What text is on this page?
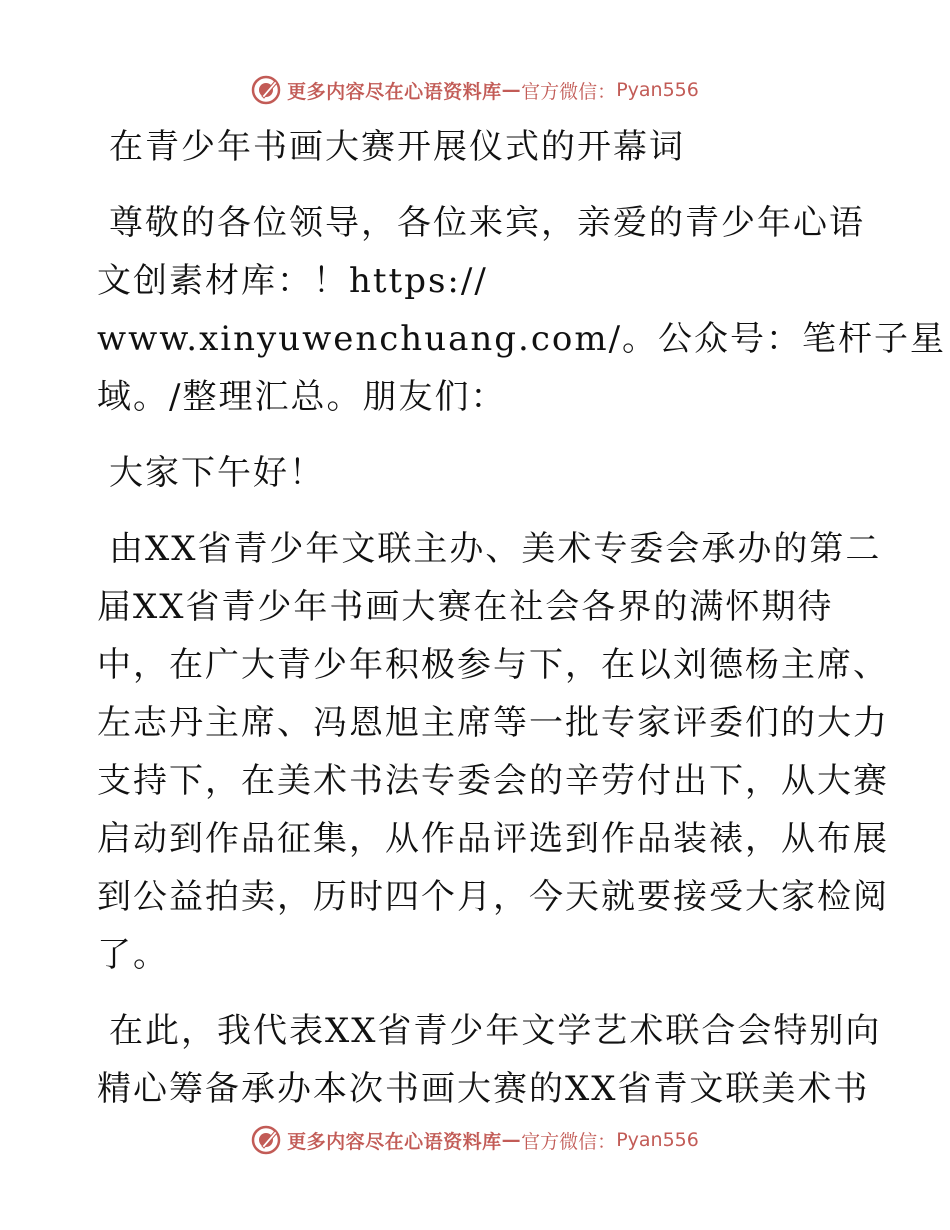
更多内容尽在心语资料库 — 官方微信： Pyan556
在青少年书画大赛开展仪式的开幕词
尊敬的各位领导，各位来宾，亲爱的青少年心语
文创素材库：！https://
www.xinyuwenchuang.com/。公众号：笔杆子星
域。/整理汇总。朋友们：
大家下午好！
由XX省青少年文联主办、美术专委会承办的第二
届XX省青少年书画大赛在社会各界的满怀期待
中，在广大青少年积极参与下，在以刘德杨主席、
左志丹主席、冯恩旭主席等一批专家评委们的大力
支持下，在美术书法专委会的辛劳付出下，从大赛
启动到作品征集，从作品评选到作品装裱，从布展
到公益拍卖，历时四个月，今天就要接受大家检阅
了。
在此，我代表XX省青少年文学艺术联合会特别向
精心筹备承办本次书画大赛的XX省青文联美术书
更多内容尽在心语资料库 — 官方微信： Pyan556
